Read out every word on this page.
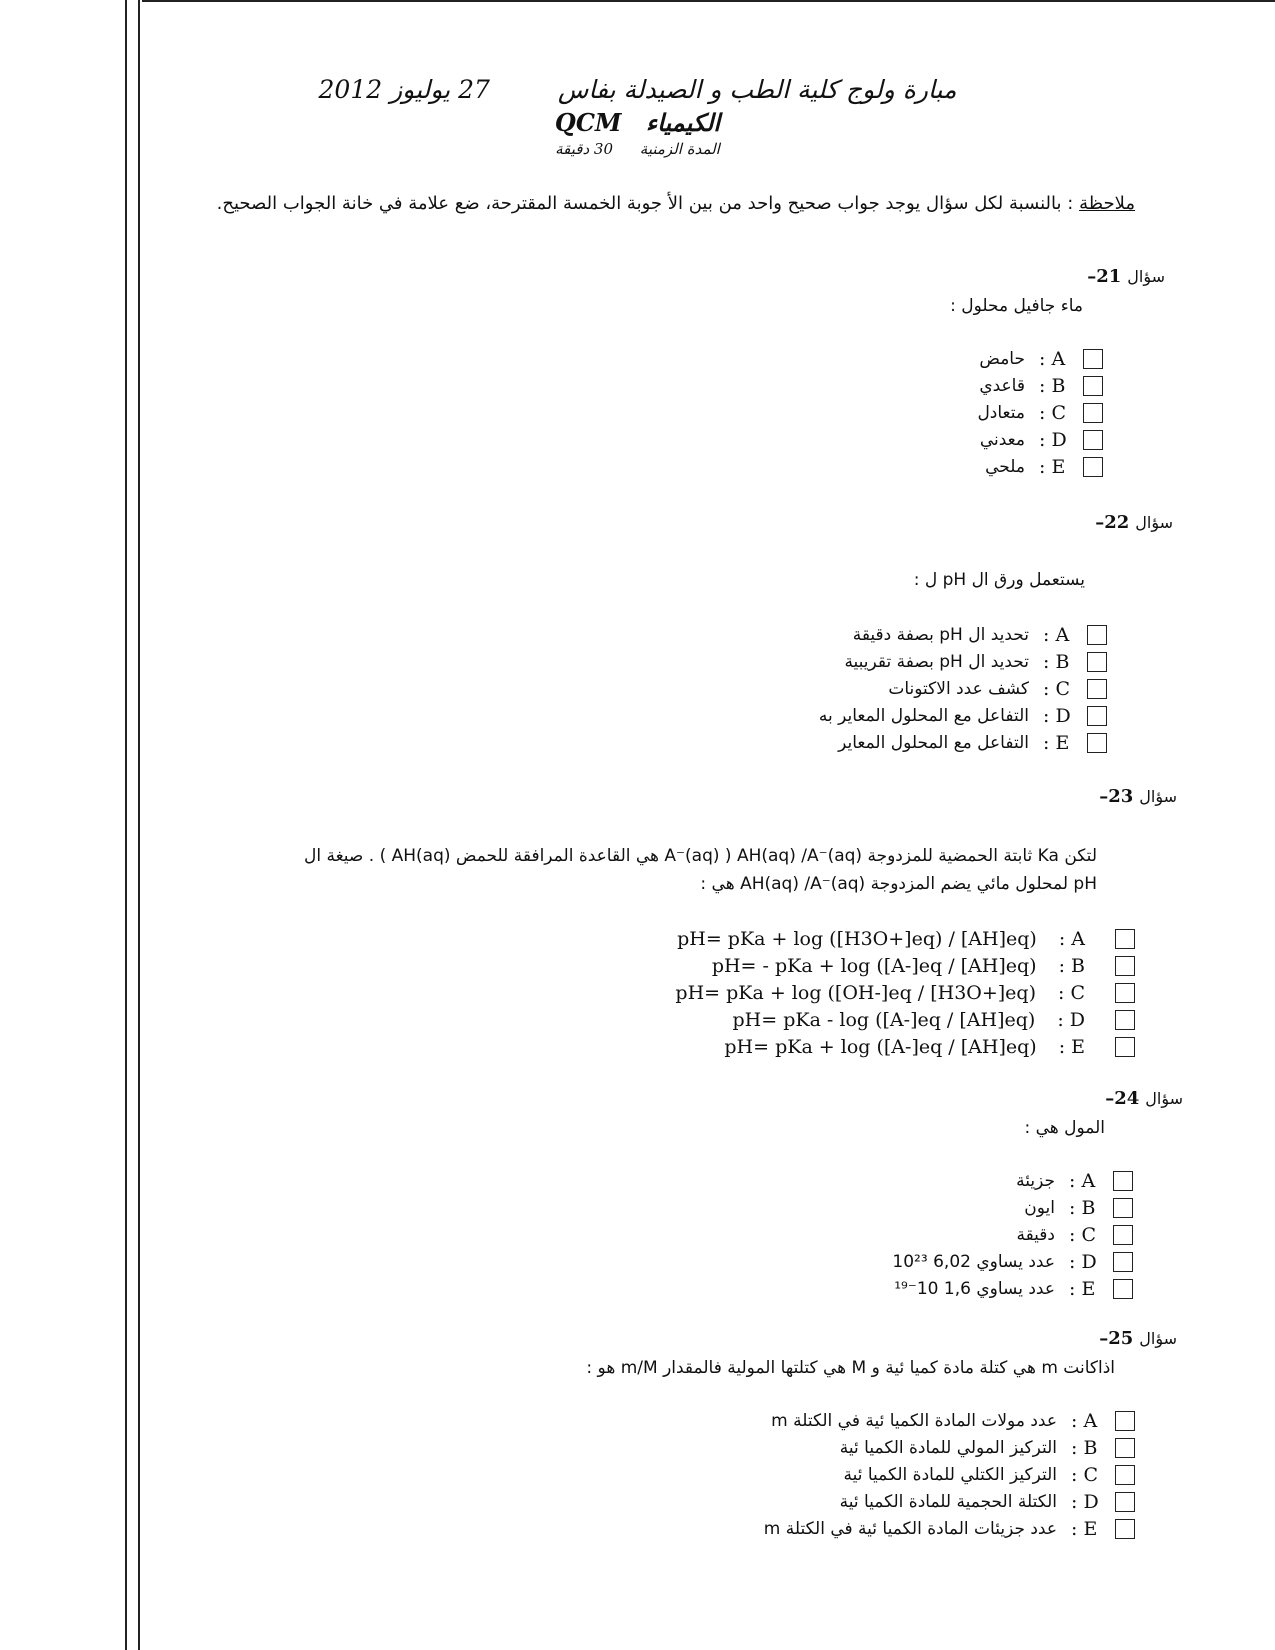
مبارة ولوج كلية الطب و الصيدلة بفاس 27 يوليوز 2012
الكيمياء QCM
المدة الزمنية 30 دقيقة
ملاحظة : بالنسبة لكل سؤال يوجد جواب صحيح واحد من بين الأ جوبة الخمسة المقترحة، ضع علامة في خانة الجواب الصحيح.
سؤال21–
ماء جافيل محلول :
: A
حامض
: B
قاعدي
: C
متعادل
: D
معدني
: E
ملحي
سؤال22–
يستعمل ورق ال pH ل :
: A
تحديد ال pH بصفة دقيقة
: B
تحديد ال pH بصفة تقريبية
: C
كشف عدد الاكتونات
: D
التفاعل مع المحلول المعاير به
: E
التفاعل مع المحلول المعاير
سؤال23–
لتكن Ka ثابتة الحمضية للمزدوجة AH(aq) /A⁻(aq) ( A⁻(aq) هي القاعدة المرافقة للحمض AH(aq) ) . صيغة ال
pH لمحلول مائي يضم المزدوجة AH(aq) /A⁻(aq) هي :
: A
pH= pKa + log ([H3O+]eq) / [AH]eq)
: B
pH= - pKa + log ([A-]eq / [AH]eq)
: C
pH= pKa + log ([OH-]eq / [H3O+]eq)
: D
pH= pKa - log ([A-]eq / [AH]eq)
: E
pH= pKa + log ([A-]eq / [AH]eq)
سؤال24–
المول هي :
: A
جزيئة
: B
ايون
: C
دقيقة
: D
عدد يساوي 6,02 10²³
: E
عدد يساوي 1,6 10⁻¹⁹
سؤال25–
اذاكانت m هي كتلة مادة كميا ئية و M هي كتلتها المولية فالمقدار m/M هو :
: A
عدد مولات المادة الكميا ئية في الكتلة m
: B
التركيز المولي للمادة الكميا ئية
: C
التركيز الكتلي للمادة الكميا ئية
: D
الكتلة الحجمية للمادة الكميا ئية
: E
عدد جزيئات المادة الكميا ئية في الكتلة m
